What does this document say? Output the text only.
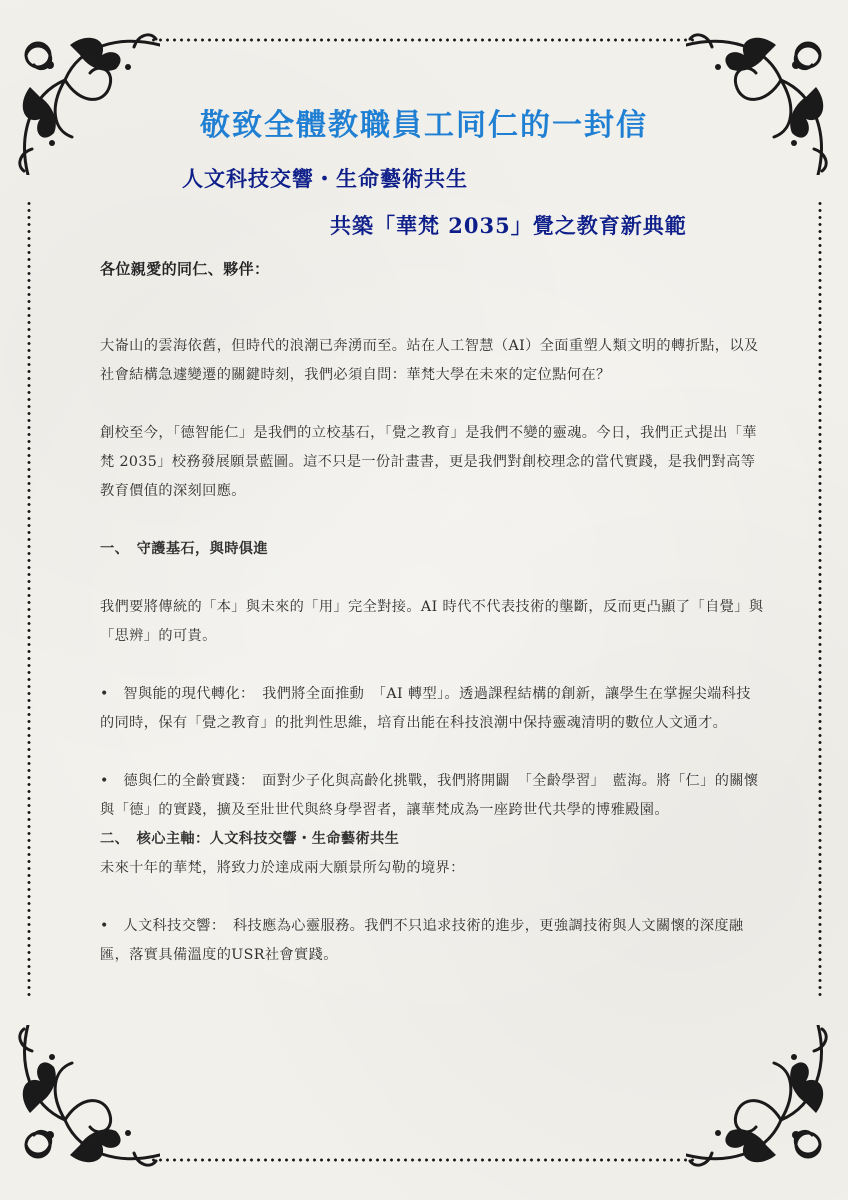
敬致全體教職員工同仁的一封信
人文科技交響・生命藝術共生
共築「華梵 2035」覺之教育新典範

各位親愛的同仁、夥伴：

大崙山的雲海依舊，但時代的浪潮已奔湧而至。站在人工智慧（AI）全面重塑人類文明的轉折點，以及社會結構急遽變遷的關鍵時刻，我們必須自問：華梵大學在未來的定位點何在？

創校至今，「德智能仁」是我們的立校基石，「覺之教育」是我們不變的靈魂。今日，我們正式提出「華梵 2035」校務發展願景藍圖。這不只是一份計畫書，更是我們對創校理念的當代實踐，是我們對高等教育價值的深刻回應。

一、　守護基石，與時俱進

我們要將傳統的「本」與未來的「用」完全對接。AI 時代不代表技術的壟斷，反而更凸顯了「自覺」與「思辨」的可貴。

•　智與能的現代轉化：　我們將全面推動　「AI 轉型」。透過課程結構的創新，讓學生在掌握尖端科技的同時，保有「覺之教育」的批判性思維，培育出能在科技浪潮中保持靈魂清明的數位人文通才。

•　德與仁的全齡實踐：　面對少子化與高齡化挑戰，我們將開闢　「全齡學習」　藍海。將「仁」的關懷與「德」的實踐，擴及至壯世代與終身學習者，讓華梵成為一座跨世代共學的博雅殿園。

二、　核心主軸：人文科技交響・生命藝術共生

未來十年的華梵，將致力於達成兩大願景所勾勒的境界：

•　人文科技交響：　科技應為心靈服務。我們不只追求技術的進步，更強調技術與人文關懷的深度融匯，落實具備溫度的USR社會實踐。
